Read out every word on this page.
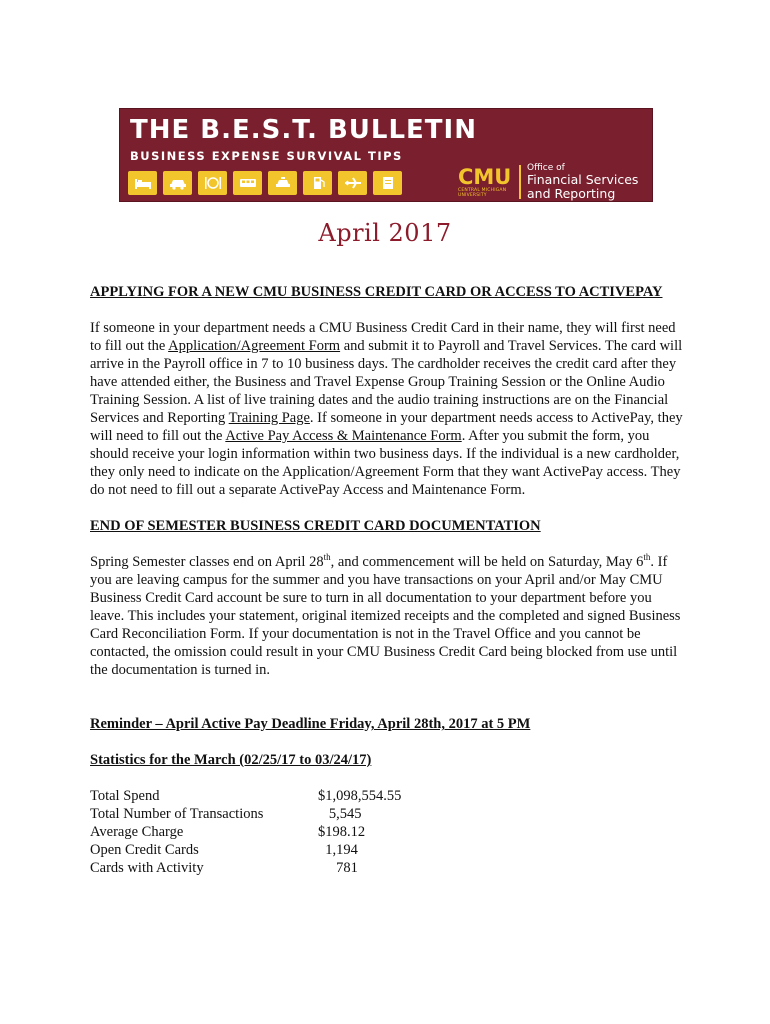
THE B.E.S.T. BULLETIN
BUSINESS EXPENSE SURVIVAL TIPS
CMU
CENTRAL MICHIGAN UNIVERSITY
Office of
Financial Services
and Reporting
April 2017

APPLYING FOR A NEW CMU BUSINESS CREDIT CARD OR ACCESS TO ACTIVEPAY

If someone in your department needs a CMU Business Credit Card in their name, they will first need to fill out the Application/Agreement Form and submit it to Payroll and Travel Services. The card will arrive in the Payroll office in 7 to 10 business days. The cardholder receives the credit card after they have attended either, the Business and Travel Expense Group Training Session or the Online Audio Training Session. A list of live training dates and the audio training instructions are on the Financial Services and Reporting Training Page. If someone in your department needs access to ActivePay, they will need to fill out the Active Pay Access & Maintenance Form. After you submit the form, you should receive your login information within two business days. If the individual is a new cardholder, they only need to indicate on the Application/Agreement Form that they want ActivePay access. They do not need to fill out a separate ActivePay Access and Maintenance Form.

END OF SEMESTER BUSINESS CREDIT CARD DOCUMENTATION

Spring Semester classes end on April 28th, and commencement will be held on Saturday, May 6th. If you are leaving campus for the summer and you have transactions on your April and/or May CMU Business Credit Card account be sure to turn in all documentation to your department before you leave. This includes your statement, original itemized receipts and the completed and signed Business Card Reconciliation Form. If your documentation is not in the Travel Office and you cannot be contacted, the omission could result in your CMU Business Credit Card being blocked from use until the documentation is turned in.

Reminder – April Active Pay Deadline Friday, April 28th, 2017 at 5 PM

Statistics for the March (02/25/17 to 03/24/17)

Total Spend	$1,098,554.55
Total Number of Transactions	5,545
Average Charge	$198.12
Open Credit Cards	1,194
Cards with Activity	781
